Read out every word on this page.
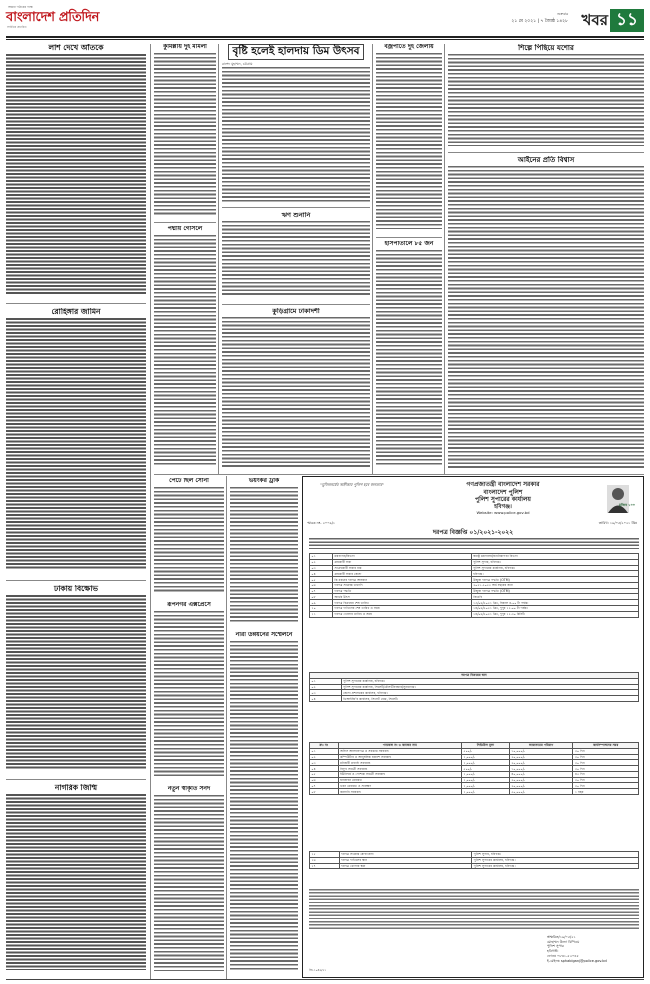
আমরা পাঠকের পক্ষে
বাংলাদেশ প্রতিদিন
সর্বাধিক প্রচারিত
শুক্রবার
২১ মে ২০২১ | ৭ জ্যৈষ্ঠ ১৪২৮ খবর ১১
লাশ দেখে আঁতকে
রোহিঙ্গার জামিন
ঢাকায় বিক্ষোভ
নাগরিক জিম্মি
কুমিল্লায় দুই মামলা
পদ্মায় গোসলে
বৃষ্টি হলেই হালদায় ডিম উৎসব
রাশেদ মুহাম্মদ, চট্টগ্রাম
ঋণ শুনানি
কুড়িগ্রামে ঢাকাদশী
বজ্রপাতে দুই জেলায়
হাসপাতালে ৮৫ জন
শিল্পে পিছিয়ে যশোর
আইনের প্রতি বিশ্বাস
পেটে ছিল সোনা
রূপনগর এক্সপ্রেসে
নতুন স্বীকৃতি সনদ
ভয়ংকর ট্রাক
নারী উন্নয়নের সম্মেলনে
"মুজিববর্ষের অঙ্গীকার পুলিশ হবে জনতার"	গণপ্রজাতন্ত্রী বাংলাদেশ সরকার
বাংলাদেশ পুলিশ
পুলিশ সুপারের কার্যালয়
হবিগঞ্জ।
Website: www.police.gov.bd
মুজিব ১০০
স্মারক নং- ২০০৯/১	তারিখ: ১৯/০৫/২০২১ খ্রিঃ
দরপত্র বিজ্ঞপ্তি ০১/২০২১-২০২২
০১	মন্ত্রণালয়/বিভাগ	স্বরাষ্ট্র মন্ত্রণালয়/জননিরাপত্তা বিভাগ
০২	ক্রয়কারী সত্তা	পুলিশ সুপার, হবিগঞ্জ।
০৩	সংগ্রহকারী সত্তার নাম	পুলিশ সুপারের কার্যালয়, হবিগঞ্জ।
০৪	ক্রয়কারী সত্তার জেলা	হবিগঞ্জ।
০৫	কি ধরনের দরপত্র আহবান	উন্মুক্ত দরপত্র পদ্ধতি (OTM)
০৬	দরপত্র সংক্রান্ত তথ্যাদি	২০২১-২০২২ অর্থ বছরের জন্য
০৭	দরপত্র পদ্ধতি	উন্মুক্ত দরপত্র পদ্ধতি (OTM)
০৮	অর্থের উৎস	জিওবি
০৯	দরপত্র বিক্রয়ের শেষ তারিখ	১৩/০৬/২০২১ খ্রিঃ, বিকাল ৪.০০ টা পর্যন্ত।
১০	দরপত্র দাখিলের শেষ তারিখ ও সময়	১৪/০৬/২০২১ খ্রিঃ, দুপুর ১২.০০ টা পর্যন্ত।
১১	দরপত্র খোলার তারিখ ও সময়	১৪/০৬/২০২১ খ্রিঃ, দুপুর ১২.৩০ মিনিট।
দরপত্র বিক্রয়ের স্থান	
০১	পুলিশ সুপারের কার্যালয়, হবিগঞ্জ।
০২	পুলিশ সুপারের কার্যালয়, সিলেট/মৌলভীবাজার/সুনামগঞ্জ।
০৩	জেলা প্রশাসকের কার্যালয়, হবিগঞ্জ।
০৪	ডিআইজি'র কার্যালয়, সিলেট রেঞ্জ, সিলেট।
ক্রঃ নং	প্যাকেজ নং ও কাজের নাম	সিডিউল মূল্য	জামানতের পরিমাণ	কার্যসম্পাদনের সময়
০১	অফিস আসবাবপত্র ও সরঞ্জাম সরবরাহ	৫০০/-	১০,০০০/-	৩০ দিন
০২	কম্পিউটার ও আনুষঙ্গিক যন্ত্রাংশ সরবরাহ	১,০০০/-	২০,০০০/-	৩০ দিন
০৩	মনিহারী দ্রব্যাদি সরবরাহ	১,০০০/-	২০,০০০/-	৩০ দিন
০৪	বিদ্যুৎ সামগ্রী সরবরাহ	৫০০/-	১০,০০০/-	৩০ দিন
০৫	ইউনিফর্ম ও পোশাক সামগ্রী সরবরাহ	১,০০০/-	৪০,০০০/-	৪৫ দিন
০৬	যানবাহন মেরামত	১,০০০/-	২০,০০০/-	৩০ দিন
০৭	ভবন মেরামত ও সংরক্ষণ	১,০০০/-	২০,০০০/-	৩০ দিন
০৮	জ্বালানি সরবরাহ	১,০০০/-	৫০,০০০/-	১ বছর
১৫	দরপত্র সংক্রান্ত যোগাযোগ	পুলিশ সুপার, হবিগঞ্জ।
১৬	দরপত্র দাখিলের স্থান	পুলিশ সুপারের কার্যালয়, হবিগঞ্জ।
১৭	দরপত্র খোলার স্থান	পুলিশ সুপারের কার্যালয়, হবিগঞ্জ।
স্বাক্ষরিত/১৯/০৫/২১
মোহাম্মদ উল্যা বিপিএম
পুলিশ সুপার
হবিগঞ্জ।
ফোনঃ ০৮৩১-৫২০৪৫
ই-মেইলঃ sphabiganj@police.gov.bd
জি-১০৪৬/২১
